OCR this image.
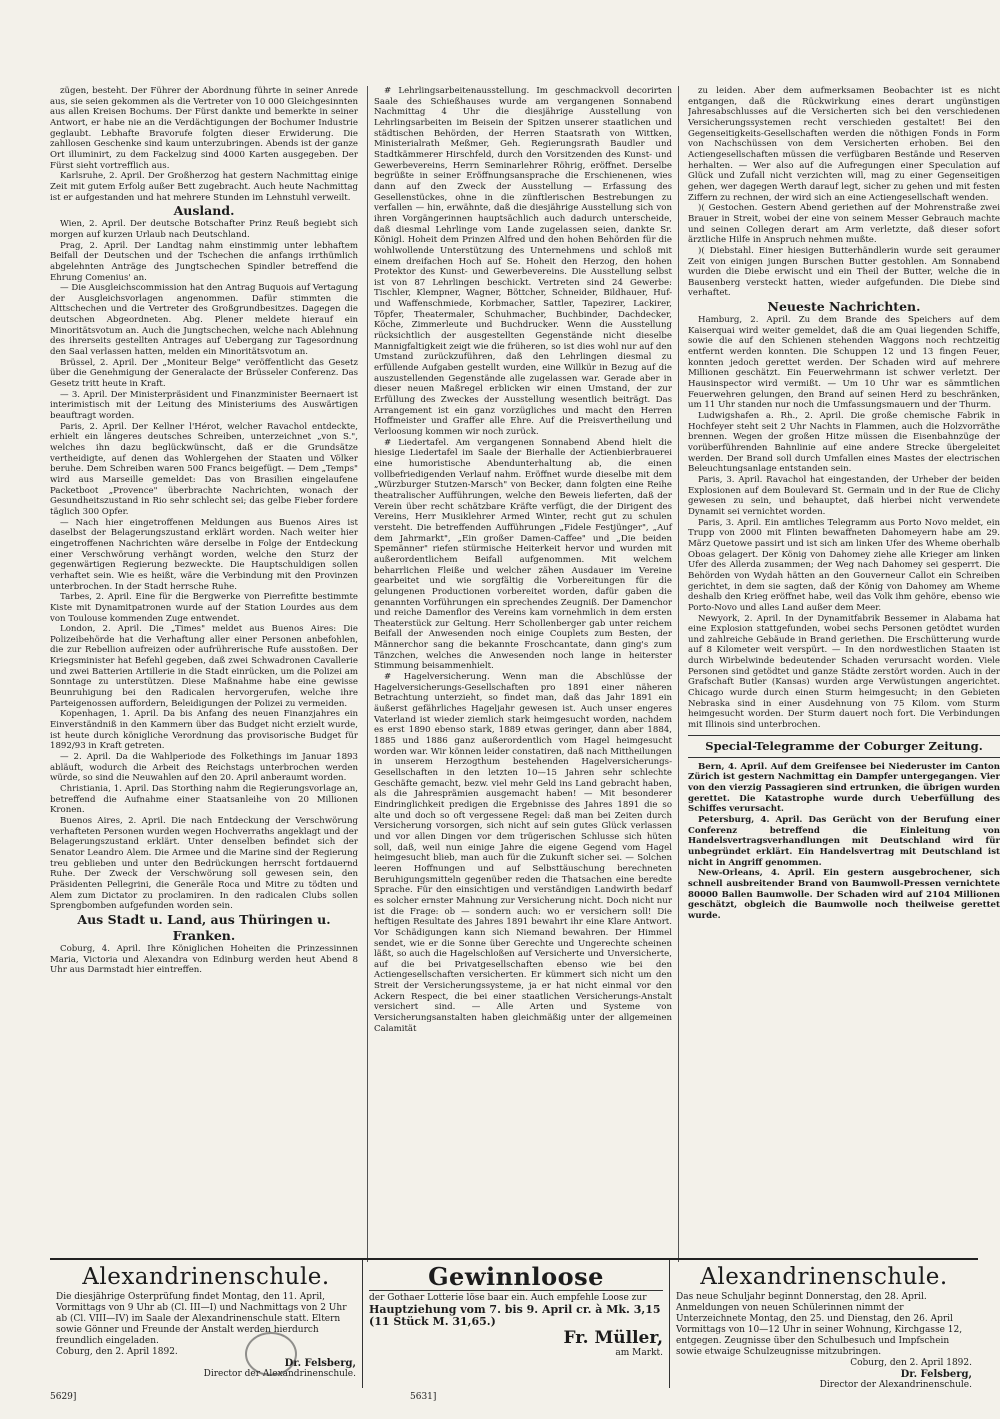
zügen, besteht. Der Führer der Abordnung führte in seiner Anrede aus, sie seien gekommen als die Vertreter von 10 000 Gleichgesinnten aus allen Kreisen Bochums. Der Fürst dankte und bemerkte in seiner Antwort, er habe nie an die Verdächtigungen der Bochumer Industrie geglaubt. Lebhafte Bravorufe folgten dieser Erwiderung. Die zahllosen Geschenke sind kaum unterzubringen. Abends ist der ganze Ort illuminirt, zu dem Fackelzug sind 4000 Karten ausgegeben. Der Fürst sieht vortrefflich aus.

Karlsruhe, 2. April. Der Großherzog hat gestern Nachmittag einige Zeit mit gutem Erfolg außer Bett zugebracht. Auch heute Nachmittag ist er aufgestanden und hat mehrere Stunden im Lehnstuhl verweilt.

Ausland.

Wien, 2. April. Der deutsche Botschafter Prinz Reuß begiebt sich morgen auf kurzen Urlaub nach Deutschland.

Prag, 2. April. Der Landtag nahm einstimmig unter lebhaftem Beifall der Deutschen und der Tschechen die anfangs irrthümlich abgelehnten Anträge des Jungtschechen Spindler betreffend die Ehrung Comenius' an.

— Die Ausgleichscommission hat den Antrag Buquois auf Vertagung der Ausgleichsvorlagen angenommen. Dafür stimmten die Alttschechen und die Vertreter des Großgrundbesitzes. Dagegen die deutschen Abgeordneten. Abg. Plener meldete hierauf ein Minoritätsvotum an. Auch die Jungtschechen, welche nach Ablehnung des ihrerseits gestellten Antrages auf Uebergang zur Tagesordnung den Saal verlassen hatten, melden ein Minoritätsvotum an.

Brüssel, 2. April. Der „Moniteur Belge" veröffentlicht das Gesetz über die Genehmigung der Generalacte der Brüsseler Conferenz. Das Gesetz tritt heute in Kraft.

— 3. April. Der Ministerpräsident und Finanzminister Beernaert ist interimistisch mit der Leitung des Ministeriums des Auswärtigen beauftragt worden.

Paris, 2. April. Der Kellner l'Hérot, welcher Ravachol entdeckte, erhielt ein längeres deutsches Schreiben, unterzeichnet „von S.", welches ihn dazu beglückwünscht, daß er die Grundsätze vertheidigte, auf denen das Wohlergehen der Staaten und Völker beruhe. Dem Schreiben waren 500 Francs beigefügt. — Dem „Temps" wird aus Marseille gemeldet: Das von Brasilien eingelaufene Packetboot „Provence" überbrachte Nachrichten, wonach der Gesundheitszustand in Rio sehr schlecht sei; das gelbe Fieber fordere täglich 300 Opfer.

— Nach hier eingetroffenen Meldungen aus Buenos Aires ist daselbst der Belagerungszustand erklärt worden. Nach weiter hier eingetroffenen Nachrichten wäre derselbe in Folge der Entdeckung einer Verschwörung verhängt worden, welche den Sturz der gegenwärtigen Regierung bezweckte. Die Hauptschuldigen sollen verhaftet sein. Wie es heißt, wäre die Verbindung mit den Provinzen unterbrochen. In der Stadt herrsche Ruhe.

Tarbes, 2. April. Eine für die Bergwerke von Pierrefitte bestimmte Kiste mit Dynamitpatronen wurde auf der Station Lourdes aus dem von Toulouse kommenden Zuge entwendet.

London, 2. April. Die „Times" meldet aus Buenos Aires: Die Polizeibehörde hat die Verhaftung aller einer Personen anbefohlen, die zur Rebellion aufreizen oder aufrührerische Rufe ausstoßen. Der Kriegsminister hat Befehl gegeben, daß zwei Schwadronen Cavallerie und zwei Batterien Artillerie in die Stadt einrücken, um die Polizei am Sonntage zu unterstützen. Diese Maßnahme habe eine gewisse Beunruhigung bei den Radicalen hervorgerufen, welche ihre Parteigenossen auffordern, Beleidigungen der Polizei zu vermeiden.

Kopenhagen, 1. April. Da bis Anfang des neuen Finanzjahres ein Einverständniß in den Kammern über das Budget nicht erzielt wurde, ist heute durch königliche Verordnung das provisorische Budget für 1892/93 in Kraft getreten.

— 2. April. Da die Wahlperiode des Folkethings im Januar 1893 abläuft, wodurch die Arbeit des Reichstags unterbrochen werden würde, so sind die Neuwahlen auf den 20. April anberaumt worden.

Christiania, 1. April. Das Storthing nahm die Regierungsvorlage an, betreffend die Aufnahme einer Staatsanleihe von 20 Millionen Kronen.

Buenos Aires, 2. April. Die nach Entdeckung der Verschwörung verhafteten Personen wurden wegen Hochverraths angeklagt und der Belagerungszustand erklärt. Unter denselben befindet sich der Senator Leandro Alem. Die Armee und die Marine sind der Regierung treu geblieben und unter den Bedrückungen herrscht fortdauernd Ruhe. Der Zweck der Verschwörung soll gewesen sein, den Präsidenten Pellegrini, die Generäle Roca und Mitre zu tödten und Alem zum Dictator zu proclamiren. In den radicalen Clubs sollen Sprengbomben aufgefunden worden sein.

Aus Stadt u. Land, aus Thüringen u. Franken.

Coburg, 4. April. Ihre Königlichen Hoheiten die Prinzessinnen Maria, Victoria und Alexandra von Edinburg werden heut Abend 8 Uhr aus Darmstadt hier eintreffen.

# Lehrlingsarbeitenausstellung. Im geschmackvoll decorirten Saale des Schießhauses wurde am vergangenen Sonnabend Nachmittag 4 Uhr die diesjährige Ausstellung von Lehrlingsarbeiten im Beisein der Spitzen unserer staatlichen und städtischen Behörden, der Herren Staatsrath von Wittken, Ministerialrath Meßmer, Geh. Regierungsrath Baudler und Stadtkämmerer Hirschfeld, durch den Vorsitzenden des Kunst- und Gewerbevereins, Herrn Seminarlehrer Röhrig, eröffnet. Derselbe begrüßte in seiner Eröffnungsansprache die Erschienenen, wies dann auf den Zweck der Ausstellung — Erfassung des Gesellenstückes, ohne in die zünftlerischen Bestrebungen zu verfallen — hin, erwähnte, daß die diesjährige Ausstellung sich von ihren Vorgängerinnen hauptsächlich auch dadurch unterscheide, daß diesmal Lehrlinge vom Lande zugelassen seien, dankte Sr. Königl. Hoheit dem Prinzen Alfred und den hohen Behörden für die wohlwollende Unterstützung des Unternehmens und schloß mit einem dreifachen Hoch auf Se. Hoheit den Herzog, den hohen Protektor des Kunst- und Gewerbevereins. Die Ausstellung selbst ist von 87 Lehrlingen beschickt. Vertreten sind 24 Gewerbe: Tischler, Klempner, Wagner, Böttcher, Schneider, Bildhauer, Huf- und Waffenschmiede, Korbmacher, Sattler, Tapezirer, Lackirer, Töpfer, Theatermaler, Schuhmacher, Buchbinder, Dachdecker, Köche, Zimmerleute und Buchdrucker. Wenn die Ausstellung rücksichtlich der ausgestellten Gegenstände nicht dieselbe Mannigfaltigkeit zeigt wie die früheren, so ist dies wohl nur auf den Umstand zurückzuführen, daß den Lehrlingen diesmal zu erfüllende Aufgaben gestellt wurden, eine Willkür in Bezug auf die auszustellenden Gegenstände alle zugelassen war. Gerade aber in dieser neuen Maßregel erblicken wir einen Umstand, der zur Erfüllung des Zweckes der Ausstellung wesentlich beiträgt. Das Arrangement ist ein ganz vorzügliches und macht den Herren Hoffmeister und Graffer alle Ehre. Auf die Preisvertheilung und Verloosung kommen wir noch zurück.

# Liedertafel. Am vergangenen Sonnabend Abend hielt die hiesige Liedertafel im Saale der Bierhalle der Actienbierbrauerei eine humoristische Abendunterhaltung ab, die einen vollbefriedigenden Verlauf nahm. Eröffnet wurde dieselbe mit dem „Würzburger Stutzen-Marsch" von Becker, dann folgten eine Reihe theatralischer Aufführungen, welche den Beweis lieferten, daß der Verein über recht schätzbare Kräfte verfügt, die der Dirigent des Vereins, Herr Musiklehrer Armed Winter, recht gut zu schulen versteht. Die betreffenden Aufführungen „Fidele Festjünger", „Auf dem Jahrmarkt", „Ein großer Damen-Caffee" und „Die beiden Spemänner" riefen stürmische Heiterkeit hervor und wurden mit außerordentlichem Beifall aufgenommen. Mit welchem beharrlichen Fleiße und welcher zähen Ausdauer im Vereine gearbeitet und wie sorgfältig die Vorbereitungen für die gelungenen Productionen vorbereitet worden, dafür gaben die genannten Vorführungen ein sprechendes Zeugniß. Der Damenchor und reiche Damenflor des Vereins kam vornehmlich in dem ersten Theaterstück zur Geltung. Herr Schollenberger gab unter reichem Beifall der Anwesenden noch einige Couplets zum Besten, der Männerchor sang die bekannte Froschcantate, dann ging's zum Tänzchen, welches die Anwesenden noch lange in heiterster Stimmung beisammenhielt.

# Hagelversicherung. Wenn man die Abschlüsse der Hagelversicherungs-Gesellschaften pro 1891 einer näheren Betrachtung unterzieht, so findet man, daß das Jahr 1891 ein äußerst gefährliches Hageljahr gewesen ist. Auch unser engeres Vaterland ist wieder ziemlich stark heimgesucht worden, nachdem es erst 1890 ebenso stark, 1889 etwas geringer, dann aber 1884, 1885 und 1886 ganz außerordentlich vom Hagel heimgesucht worden war. Wir können leider constatiren, daß nach Mittheilungen in unserem Herzogthum bestehenden Hagelversicherungs-Gesellschaften in den letzten 10—15 Jahren sehr schlechte Geschäfte gemacht, bezw. viel mehr Geld ins Land gebracht haben, als die Jahresprämien ausgemacht haben! — Mit besonderer Eindringlichkeit predigen die Ergebnisse des Jahres 1891 die so alte und doch so oft vergessene Regel: daß man bei Zeiten durch Versicherung vorsorgen, sich nicht auf sein gutes Glück verlassen und vor allen Dingen vor dem trügerischen Schlusse sich hüten soll, daß, weil nun einige Jahre die eigene Gegend vom Hagel heimgesucht blieb, man auch für die Zukunft sicher sei. — Solchen leeren Hoffnungen und auf Selbsttäuschung berechneten Beruhigungsmitteln gegenüber reden die Thatsachen eine beredte Sprache. Für den einsichtigen und verständigen Landwirth bedarf es solcher ernster Mahnung zur Versicherung nicht. Doch nicht nur ist die Frage: ob — sondern auch: wo er versichern soll! Die heftigen Resultate des Jahres 1891 bewahrt ihr eine Klare Antwort. Vor Schädigungen kann sich Niemand bewahren. Der Himmel sendet, wie er die Sonne über Gerechte und Ungerechte scheinen läßt, so auch die Hagelschloßen auf Versicherte und Unversicherte, auf die bei Privatgesellschaften ebenso wie bei den Actiengesellschaften versicherten. Er kümmert sich nicht um den Streit der Versicherungssysteme, ja er hat nicht einmal vor den Ackern Respect, die bei einer staatlichen Versicherungs-Anstalt versichert sind. — Alle Arten und Systeme von Versicherungsanstalten haben gleichmäßig unter der allgemeinen Calamität

zu leiden. Aber dem aufmerksamen Beobachter ist es nicht entgangen, daß die Rückwirkung eines derart ungünstigen Jahresabschlusses auf die Versicherten sich bei den verschiedenen Versicherungssystemen recht verschieden gestaltet! Bei den Gegenseitigkeits-Gesellschaften werden die nöthigen Fonds in Form von Nachschüssen von dem Versicherten erhoben. Bei den Actiengesellschaften müssen die verfügbaren Bestände und Reserven herhalten. — Wer also auf die Aufregungen einer Speculation auf Glück und Zufall nicht verzichten will, mag zu einer Gegenseitigen gehen, wer dagegen Werth darauf legt, sicher zu gehen und mit festen Ziffern zu rechnen, der wird sich an eine Actiengesellschaft wenden.

)( Gestochen. Gestern Abend geriethen auf der Mohrenstraße zwei Brauer in Streit, wobei der eine von seinem Messer Gebrauch machte und seinen Collegen derart am Arm verletzte, daß dieser sofort ärztliche Hilfe in Anspruch nehmen mußte.

)( Diebstahl. Einer hiesigen Butterhändlerin wurde seit geraumer Zeit von einigen jungen Burschen Butter gestohlen. Am Sonnabend wurden die Diebe erwischt und ein Theil der Butter, welche die in Bausenberg versteckt hatten, wieder aufgefunden. Die Diebe sind verhaftet.

Neueste Nachrichten.

Hamburg, 2. April. Zu dem Brande des Speichers auf dem Kaiserquai wird weiter gemeldet, daß die am Quai liegenden Schiffe, sowie die auf den Schienen stehenden Waggons noch rechtzeitig entfernt werden konnten. Die Schuppen 12 und 13 fingen Feuer, konnten jedoch gerettet werden. Der Schaden wird auf mehrere Millionen geschätzt. Ein Feuerwehrmann ist schwer verletzt. Der Hausinspector wird vermißt. — Um 10 Uhr war es sämmtlichen Feuerwehren gelungen, den Brand auf seinen Herd zu beschränken, um 11 Uhr standen nur noch die Umfassungsmauern und der Thurm.

Ludwigshafen a. Rh., 2. April. Die große chemische Fabrik in Hochfeyer steht seit 2 Uhr Nachts in Flammen, auch die Holzvorräthe brennen. Wegen der großen Hitze müssen die Eisenbahnzüge der vorüberführenden Bahnlinie auf eine andere Strecke übergeleitet werden. Der Brand soll durch Umfallen eines Mastes der electrischen Beleuchtungsanlage entstanden sein.

Paris, 3. April. Ravachol hat eingestanden, der Urheber der beiden Explosionen auf dem Boulevard St. Germain und in der Rue de Clichy gewesen zu sein, und behauptet, daß hierbei nicht verwendete Dynamit sei vernichtet worden.

Paris, 3. April. Ein amtliches Telegramm aus Porto Novo meldet, ein Trupp von 2000 mit Flinten bewaffneten Dahomeyern habe am 29. März Quetowe passirt und ist sich am linken Ufer des Wheme oberhalb Oboas gelagert. Der König von Dahomey ziehe alle Krieger am linken Ufer des Allerda zusammen; der Weg nach Dahomey sei gesperrt. Die Behörden von Wydah hätten an den Gouverneur Callot ein Schreiben gerichtet, in dem sie sagten, daß der König von Dahomey am Wheme deshalb den Krieg eröffnet habe, weil das Volk ihm gehöre, ebenso wie Porto-Novo und alles Land außer dem Meer.

Newyork, 2. April. In der Dynamitfabrik Bessemer in Alabama hat eine Explosion stattgefunden, wobei sechs Personen getödtet wurden und zahlreiche Gebäude in Brand geriethen. Die Erschütterung wurde auf 8 Kilometer weit verspürt. — In den nordwestlichen Staaten ist durch Wirbelwinde bedeutender Schaden verursacht worden. Viele Personen sind getödtet und ganze Städte zerstört worden. Auch in der Grafschaft Butler (Kansas) wurden arge Verwüstungen angerichtet. Chicago wurde durch einen Sturm heimgesucht; in den Gebieten Nebraska sind in einer Ausdehnung von 75 Kilom. vom Sturm heimgesucht worden. Der Sturm dauert noch fort. Die Verbindungen mit Illinois sind unterbrochen.

Special-Telegramme der Coburger Zeitung.

Bern, 4. April. Auf dem Greifensee bei Niederuster im Canton Zürich ist gestern Nachmittag ein Dampfer untergegangen. Vier von den vierzig Passagieren sind ertrunken, die übrigen wurden gerettet. Die Katastrophe wurde durch Ueberfüllung des Schiffes verursacht.

Petersburg, 4. April. Das Gerücht von der Berufung einer Conferenz betreffend die Einleitung von Handelsvertragsverhandlungen mit Deutschland wird für unbegründet erklärt. Ein Handelsvertrag mit Deutschland ist nicht in Angriff genommen.

New-Orleans, 4. April. Ein gestern ausgebrochener, sich schnell ausbreitender Brand von Baumwoll-Pressen vernichtete 80000 Ballen Baumwolle. Der Schaden wird auf 2104 Millionen geschätzt, obgleich die Baumwolle noch theilweise gerettet wurde.

Alexandrinenschule.

Die diesjährige Osterprüfung findet Montag, den 11. April, Vormittags von 9 Uhr ab (Cl. III—I) und Nachmittags von 2 Uhr ab (Cl. VIII—IV) im Saale der Alexandrinenschule statt. Eltern sowie Gönner und Freunde der Anstalt werden hierdurch freundlich eingeladen.

Coburg, den 2. April 1892.

Dr. Felsberg,
Director der Alexandrinenschule.
Gewinnloose

der Gothaer Lotterie löse baar ein. Auch empfehle Loose zur

Hauptziehung vom 7. bis 9. April cr. à Mk. 3,15 (11 Stück M. 31,65.)

Fr. Müller,
am Markt.
Alexandrinenschule.

Das neue Schuljahr beginnt Donnerstag, den 28. April. Anmeldungen von neuen Schülerinnen nimmt der Unterzeichnete Montag, den 25. und Dienstag, den 26. April Vormittags von 10—12 Uhr in seiner Wohnung, Kirchgasse 12, entgegen. Zeugnisse über den Schulbesuch und Impfschein sowie etwaige Schulzeugnisse mitzubringen.

Coburg, den 2. April 1892.

Dr. Felsberg,
Director der Alexandrinenschule.
5629]	5631]
